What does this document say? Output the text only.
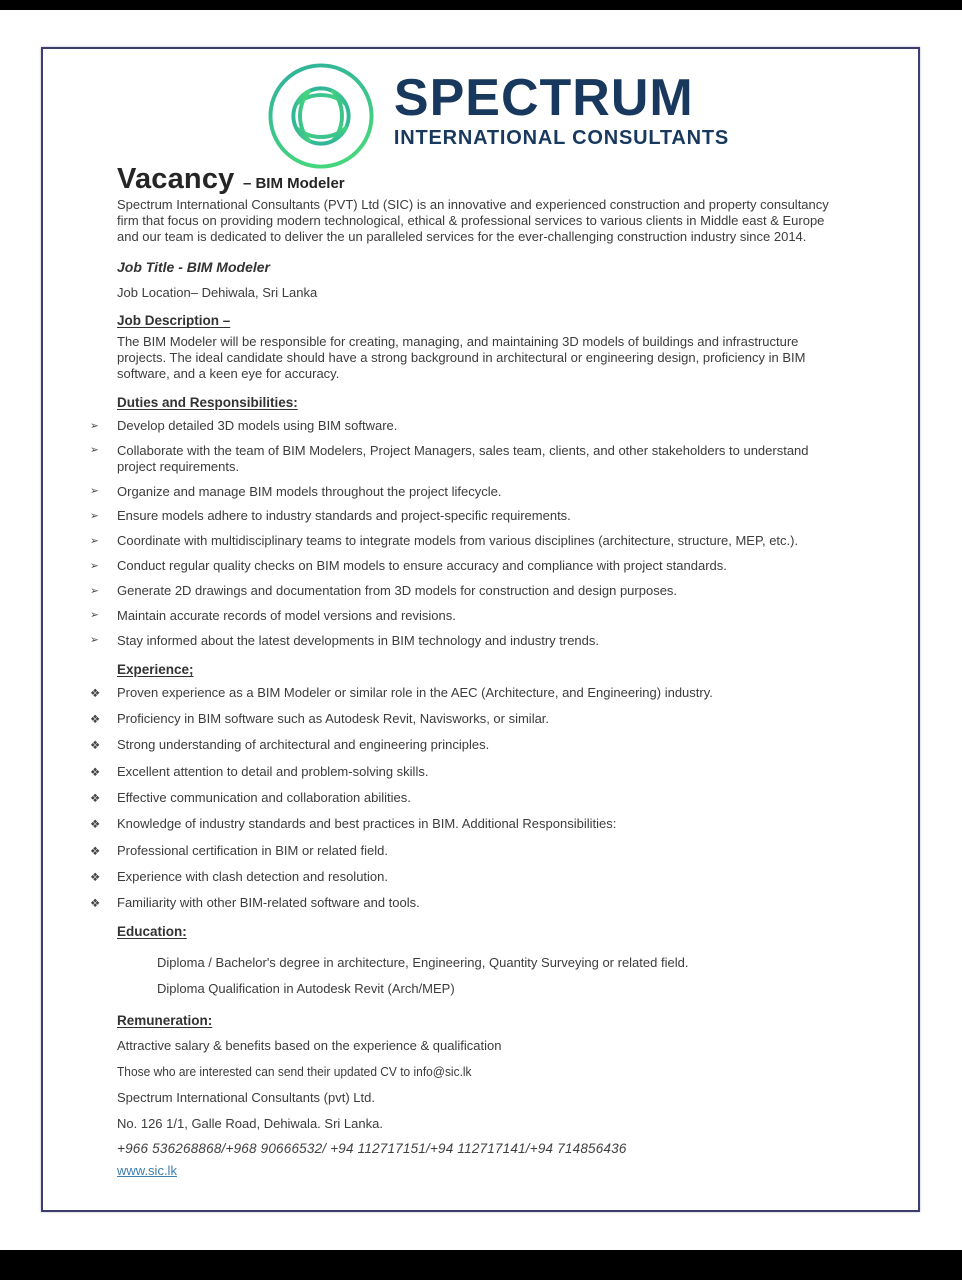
SPECTRUM
INTERNATIONAL CONSULTANTS
Vacancy – BIM Modeler

Spectrum International Consultants (PVT) Ltd (SIC) is an innovative and experienced construction and property consultancy firm that focus on providing modern technological, ethical & professional services to various clients in Middle east & Europe and our team is dedicated to deliver the un paralleled services for the ever-challenging construction industry since 2014.

Job Title - BIM Modeler

Job Location– Dehiwala, Sri Lanka

Job Description –

The BIM Modeler will be responsible for creating, managing, and maintaining 3D models of buildings and infrastructure projects. The ideal candidate should have a strong background in architectural or engineering design, proficiency in BIM software, and a keen eye for accuracy.

Duties and Responsibilities:
➢	Develop detailed 3D models using BIM software.
➢	Collaborate with the team of BIM Modelers, Project Managers, sales team, clients, and other stakeholders to understand project requirements.
➢	Organize and manage BIM models throughout the project lifecycle.
➢	Ensure models adhere to industry standards and project-specific requirements.
➢	Coordinate with multidisciplinary teams to integrate models from various disciplines (architecture, structure, MEP, etc.).
➢	Conduct regular quality checks on BIM models to ensure accuracy and compliance with project standards.
➢	Generate 2D drawings and documentation from 3D models for construction and design purposes.
➢	Maintain accurate records of model versions and revisions.
➢	Stay informed about the latest developments in BIM technology and industry trends.
Experience;
❖	Proven experience as a BIM Modeler or similar role in the AEC (Architecture, and Engineering) industry.
❖	Proficiency in BIM software such as Autodesk Revit, Navisworks, or similar.
❖	Strong understanding of architectural and engineering principles.
❖	Excellent attention to detail and problem-solving skills.
❖	Effective communication and collaboration abilities.
❖	Knowledge of industry standards and best practices in BIM. Additional Responsibilities:
❖	Professional certification in BIM or related field.
❖	Experience with clash detection and resolution.
❖	Familiarity with other BIM-related software and tools.
Education:
Diploma / Bachelor's degree in architecture, Engineering, Quantity Surveying or related field.
Diploma Qualification in Autodesk Revit (Arch/MEP)
Remuneration:

Attractive salary & benefits based on the experience & qualification

Those who are interested can send their updated CV to info@sic.lk

Spectrum International Consultants (pvt) Ltd.

No. 126 1/1, Galle Road, Dehiwala. Sri Lanka.

+966 536268868/+968 90666532/ +94 112717151/+94 112717141/+94 714856436

www.sic.lk
